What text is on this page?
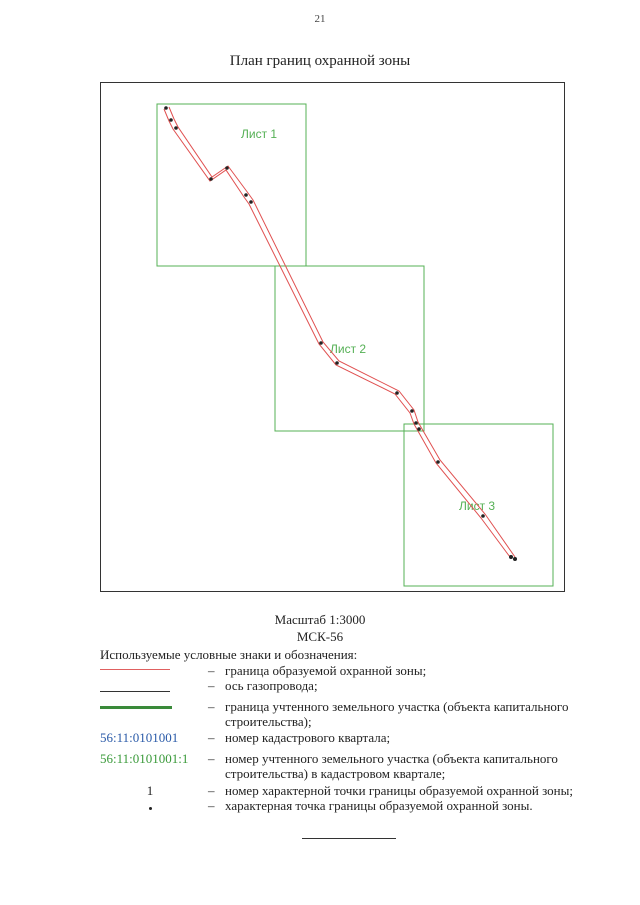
21
План границ охранной зоны
Лист 1
Лист 2
Лист 3
Масштаб 1:3000
МСК-56
Используемые условные знаки и обозначения:
– граница образуемой охранной зоны;
– ось газопровода;
– граница учтенного земельного участка (объекта капитального строительства);
56:11:0101001	– номер кадастрового квартала;
56:11:0101001:1	– номер учтенного земельного участка (объекта капитального строительства) в кадастровом квартале;
1	– номер характерной точки границы образуемой охранной зоны;
– характерная точка границы образуемой охранной зоны.
